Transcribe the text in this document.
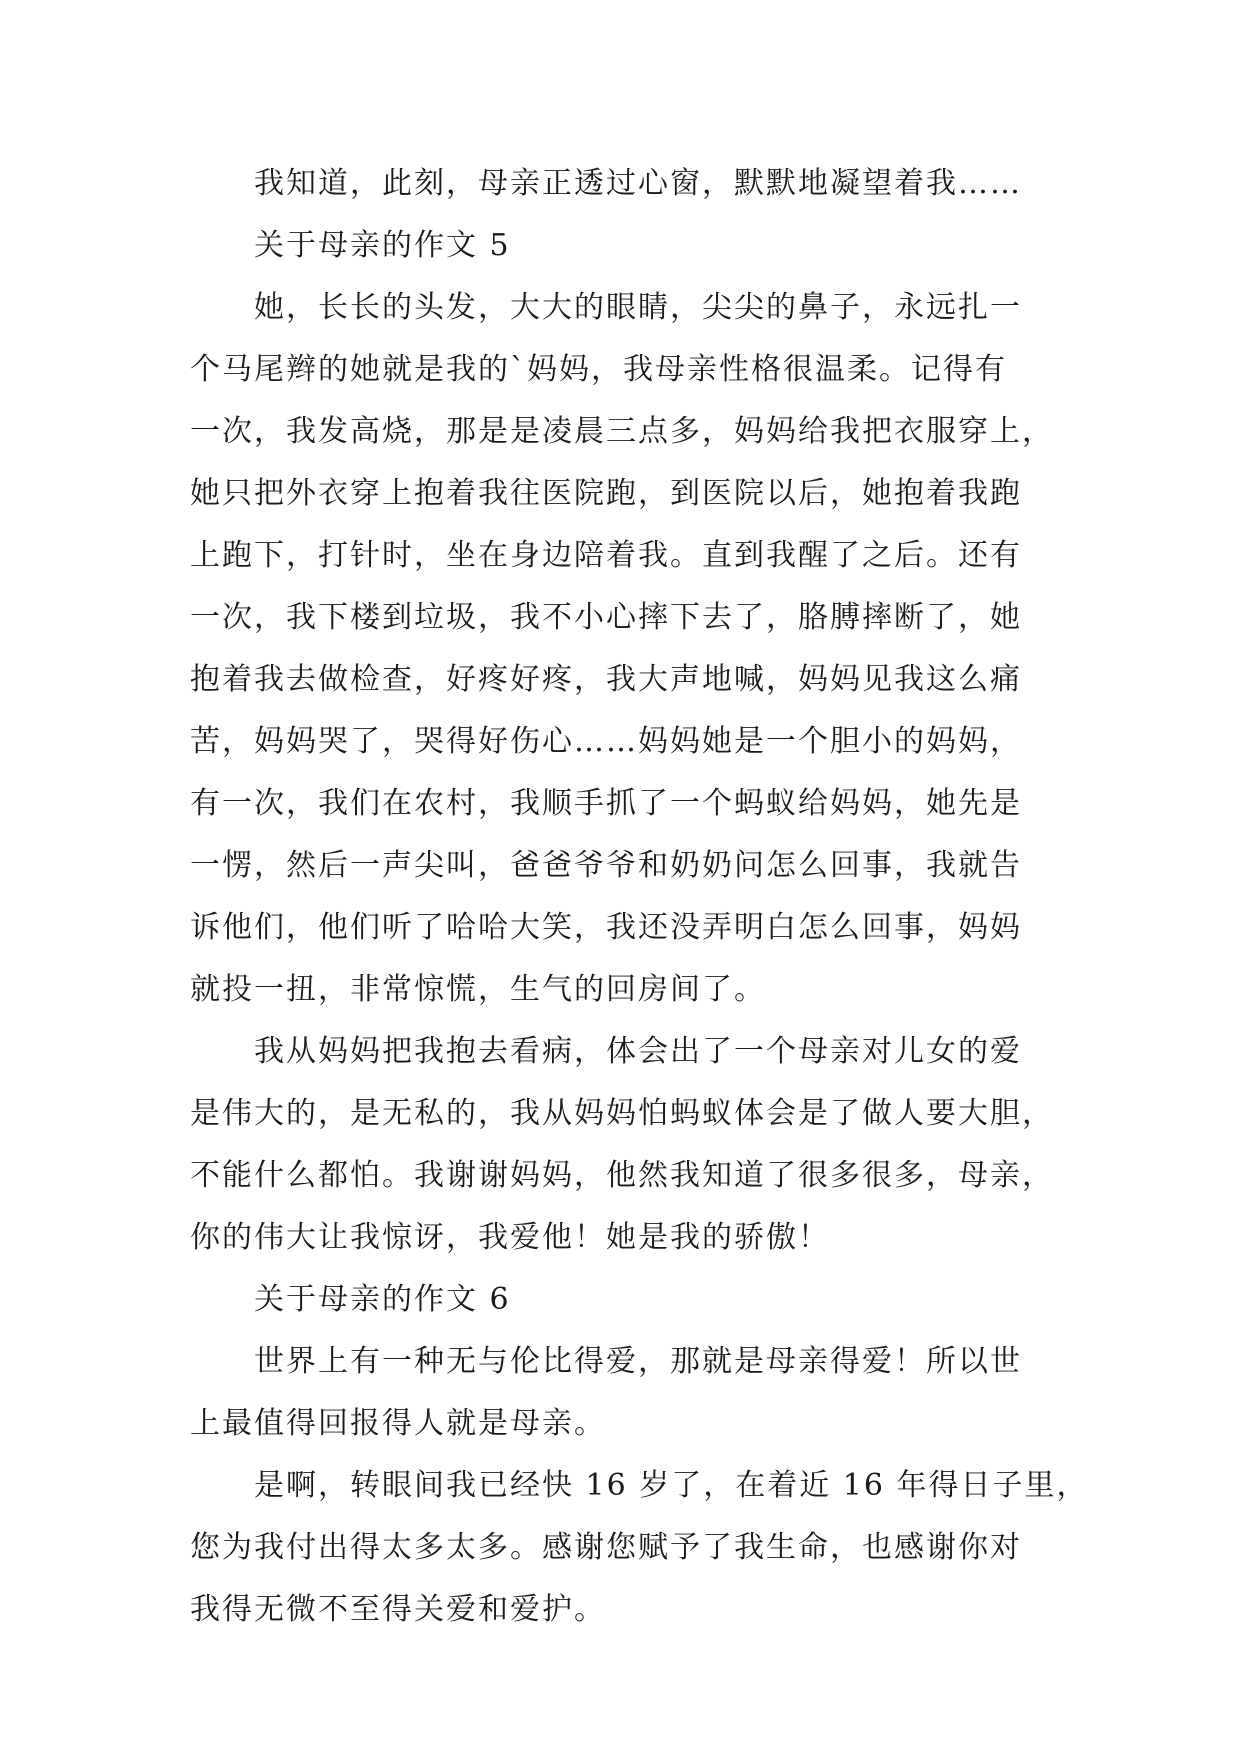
我知道，此刻，母亲正透过心窗，默默地凝望着我……
关于母亲的作文 5
她，长长的头发，大大的眼睛，尖尖的鼻子，永远扎一
个马尾辫的她就是我的`妈妈，我母亲性格很温柔。记得有
一次，我发高烧，那是是凌晨三点多，妈妈给我把衣服穿上，
她只把外衣穿上抱着我往医院跑，到医院以后，她抱着我跑
上跑下，打针时，坐在身边陪着我。直到我醒了之后。还有
一次，我下楼到垃圾，我不小心摔下去了，胳膊摔断了，她
抱着我去做检查，好疼好疼，我大声地喊，妈妈见我这么痛
苦，妈妈哭了，哭得好伤心……妈妈她是一个胆小的妈妈，
有一次，我们在农村，我顺手抓了一个蚂蚁给妈妈，她先是
一愣，然后一声尖叫，爸爸爷爷和奶奶问怎么回事，我就告
诉他们，他们听了哈哈大笑，我还没弄明白怎么回事，妈妈
就投一扭，非常惊慌，生气的回房间了。
我从妈妈把我抱去看病，体会出了一个母亲对儿女的爱
是伟大的，是无私的，我从妈妈怕蚂蚁体会是了做人要大胆，
不能什么都怕。我谢谢妈妈，他然我知道了很多很多，母亲，
你的伟大让我惊讶，我爱他！她是我的骄傲！
关于母亲的作文 6
世界上有一种无与伦比得爱，那就是母亲得爱！所以世
上最值得回报得人就是母亲。
是啊，转眼间我已经快 16 岁了，在着近 16 年得日子里，
您为我付出得太多太多。感谢您赋予了我生命，也感谢你对
我得无微不至得关爱和爱护。
